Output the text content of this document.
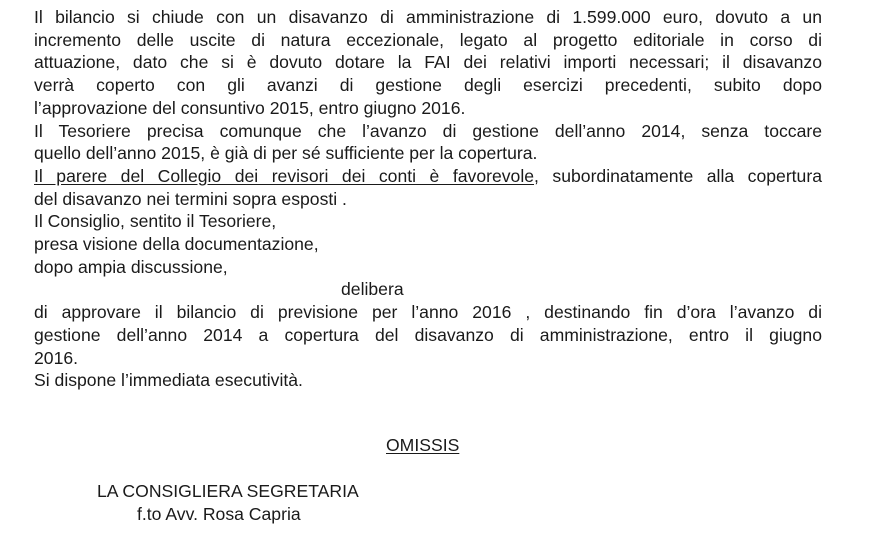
Il bilancio si chiude con un disavanzo di amministrazione di 1.599.000 euro, dovuto a un
incremento delle uscite di natura eccezionale, legato al progetto editoriale in corso di
attuazione, dato che si è dovuto dotare la FAI dei relativi importi necessari; il disavanzo
verrà coperto con gli avanzi di gestione degli esercizi precedenti, subito dopo
l’approvazione del consuntivo 2015, entro giugno 2016.

Il Tesoriere precisa comunque che l’avanzo di gestione dell’anno 2014, senza toccare
quello dell’anno 2015, è già di per sé sufficiente per la copertura.

Il parere del Collegio dei revisori dei conti è favorevole, subordinatamente alla copertura
del disavanzo nei termini sopra esposti .

Il Consiglio, sentito il Tesoriere,

presa visione della documentazione,

dopo ampia discussione,

delibera

di approvare il bilancio di previsione per l’anno 2016 , destinando fin d’ora l’avanzo di
gestione dell’anno 2014 a copertura del disavanzo di amministrazione, entro il giugno
2016.

Si dispone l’immediata esecutività.

OMISSIS
LA CONSIGLIERA SEGRETARIA
f.to Avv. Rosa Capria
